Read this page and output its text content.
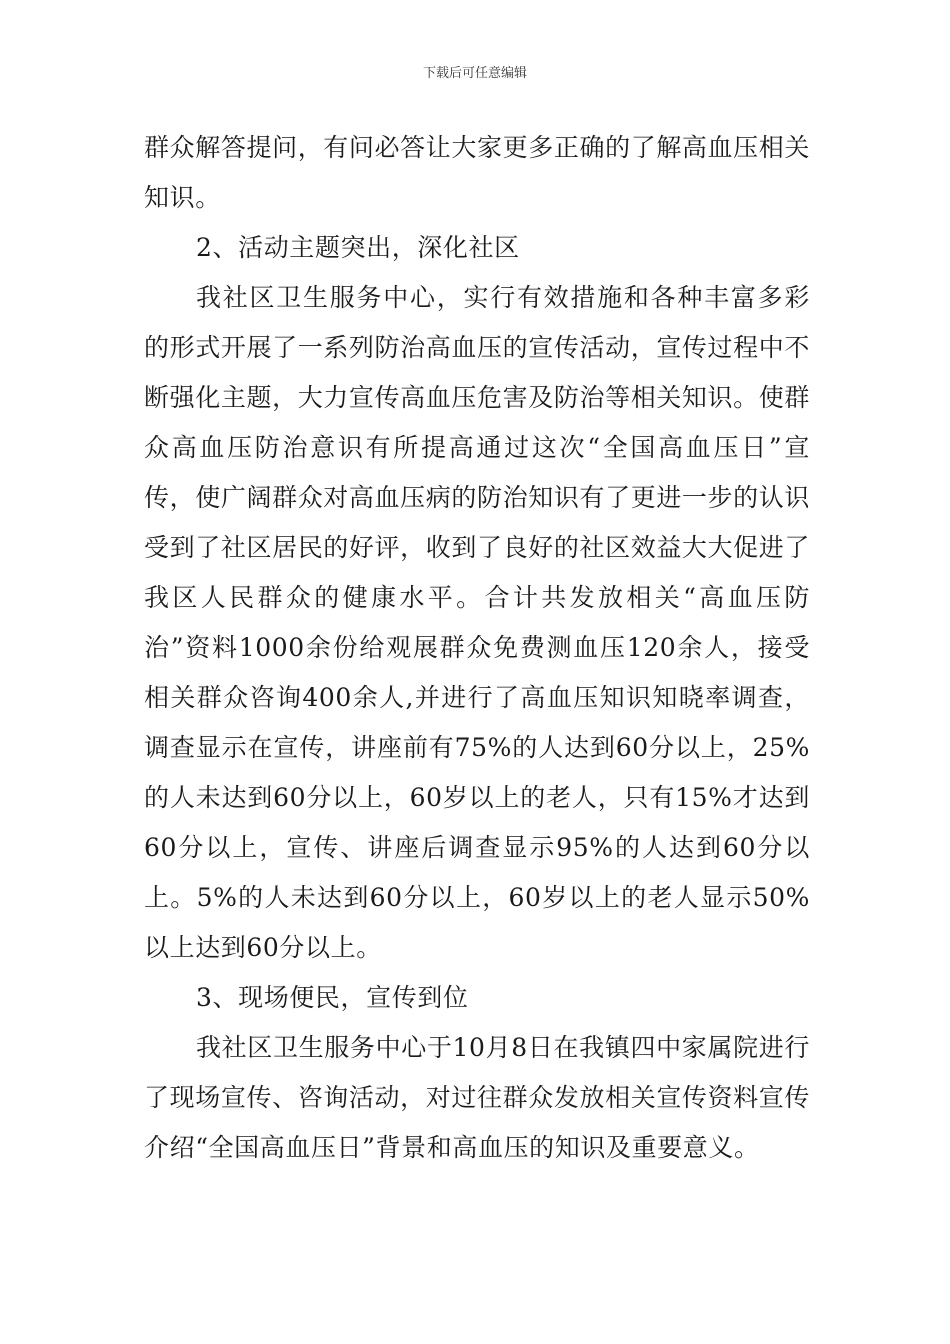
下载后可任意编辑

群众解答提问，有问必答让大家更多正确的了解高血压相关知识。

2、活动主题突出，深化社区

我社区卫生服务中心，实行有效措施和各种丰富多彩的形式开展了一系列防治高血压的宣传活动，宣传过程中不断强化主题，大力宣传高血压危害及防治等相关知识。使群众高血压防治意识有所提高通过这次“全国高血压日”宣传，使广阔群众对高血压病的防治知识有了更进一步的认识受到了社区居民的好评，收到了良好的社区效益大大促进了我区人民群众的健康水平。合计共发放相关“高血压防治”资料1000余份给观展群众免费测血压120余人，接受相关群众咨询400余人,并进行了高血压知识知晓率调查，调查显示在宣传，讲座前有75%的人达到60分以上，25%的人未达到60分以上，60岁以上的老人，只有15%才达到60分以上，宣传、讲座后调查显示95%的人达到60分以上。5%的人未达到60分以上，60岁以上的老人显示50%以上达到60分以上。

3、现场便民，宣传到位

我社区卫生服务中心于10月8日在我镇四中家属院进行了现场宣传、咨询活动，对过往群众发放相关宣传资料宣传介绍“全国高血压日”背景和高血压的知识及重要意义。
